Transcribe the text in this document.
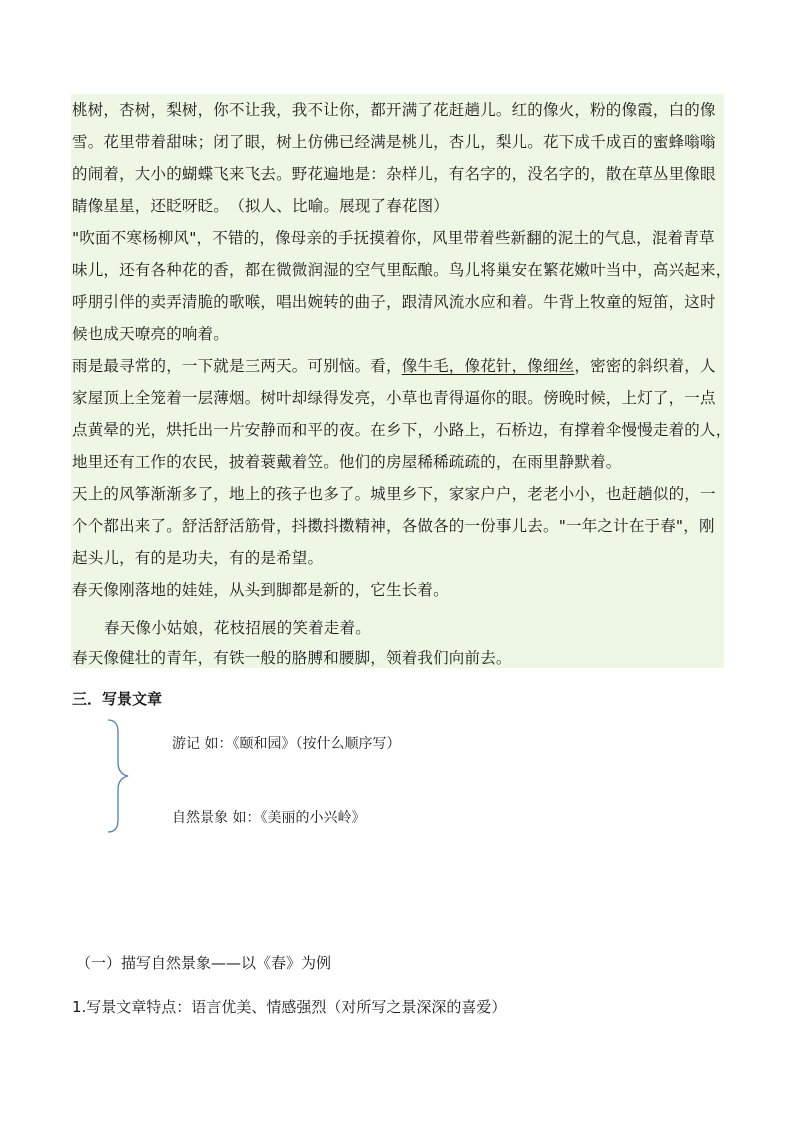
桃树，杏树，梨树，你不让我，我不让你，都开满了花赶趟儿。红的像火，粉的像霞，白的像
雪。花里带着甜味；闭了眼，树上仿佛已经满是桃儿，杏儿，梨儿。花下成千成百的蜜蜂嗡嗡
的闹着，大小的蝴蝶飞来飞去。野花遍地是：杂样儿，有名字的，没名字的，散在草丛里像眼
睛像星星，还眨呀眨。　（拟人、比喻。展现了春花图）
"吹面不寒杨柳风"，不错的，像母亲的手抚摸着你，风里带着些新翻的泥土的气息，混着青草
味儿，还有各种花的香，都在微微润湿的空气里酝酿。鸟儿将巢安在繁花嫩叶当中，高兴起来，
呼朋引伴的卖弄清脆的歌喉，唱出婉转的曲子，跟清风流水应和着。牛背上牧童的短笛，这时
候也成天嘹亮的响着。
雨是最寻常的，一下就是三两天。可别恼。看，像牛毛，像花针，像细丝，密密的斜织着，人
家屋顶上全笼着一层薄烟。树叶却绿得发亮，小草也青得逼你的眼。傍晚时候，上灯了，一点
点黄晕的光，烘托出一片安静而和平的夜。在乡下，小路上，石桥边，有撑着伞慢慢走着的人，
地里还有工作的农民，披着蓑戴着笠。他们的房屋稀稀疏疏的，在雨里静默着。
天上的风筝渐渐多了，地上的孩子也多了。城里乡下，家家户户，老老小小，也赶趟似的，一
个个都出来了。舒活舒活筋骨，抖擞抖擞精神，各做各的一份事儿去。"一年之计在于春"，刚
起头儿，有的是功夫，有的是希望。
春天像刚落地的娃娃，从头到脚都是新的，它生长着。
春天像小姑娘，花枝招展的笑着走着。
春天像健壮的青年，有铁一般的胳膊和腰脚，领着我们向前去。
三．写景文章
游记 如：《颐和园》（按什么顺序写）
自然景象 如：《美丽的小兴岭》
（一）描写自然景象——以《春》为例
1.写景文章特点：语言优美、情感强烈（对所写之景深深的喜爱）
